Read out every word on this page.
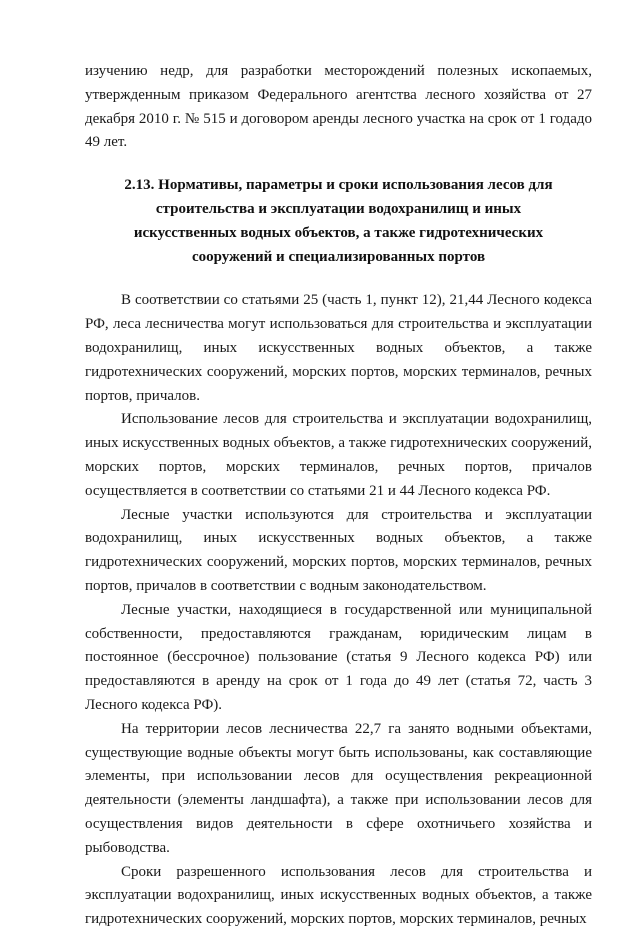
изучению недр, для разработки месторождений полезных ископаемых, утвержденным приказом Федерального агентства лесного хозяйства от 27 декабря 2010 г. № 515 и договором аренды лесного участка на срок от 1 годадо 49 лет.

2.13. Нормативы, параметры и сроки использования лесов для строительства и эксплуатации водохранилищ и иных искусственных водных объектов, а также гидротехнических сооружений и специализированных портов

В соответствии со статьями 25 (часть 1, пункт 12), 21,44 Лесного кодекса РФ, леса лесничества могут использоваться для строительства и эксплуатации водохранилищ, иных искусственных водных объектов, а также гидротехнических сооружений, морских портов, морских терминалов, речных портов, причалов.

Использование лесов для строительства и эксплуатации водохранилищ, иных искусственных водных объектов, а также гидротехнических сооружений, морских портов, морских терминалов, речных портов, причалов осуществляется в соответствии со статьями 21 и 44 Лесного кодекса РФ.

Лесные участки используются для строительства и эксплуатации водохранилищ, иных искусственных водных объектов, а также гидротехнических сооружений, морских портов, морских терминалов, речных портов, причалов в соответствии с водным законодательством.

Лесные участки, находящиеся в государственной или муниципальной собственности, предоставляются гражданам, юридическим лицам в постоянное (бессрочное) пользование (статья 9 Лесного кодекса РФ) или предоставляются в аренду на срок от 1 года до 49 лет (статья 72, часть 3 Лесного кодекса РФ).

На территории лесов лесничества 22,7 га занято водными объектами, существующие водные объекты могут быть использованы, как составляющие элементы, при использовании лесов для осуществления рекреационной деятельности (элементы ландшафта), а также при использовании лесов для осуществления видов деятельности в сфере охотничьего хозяйства и рыбоводства.

Сроки разрешенного использования лесов для строительства и эксплуатации водохранилищ, иных искусственных водных объектов, а также гидротехнических сооружений, морских портов, морских терминалов, речных
